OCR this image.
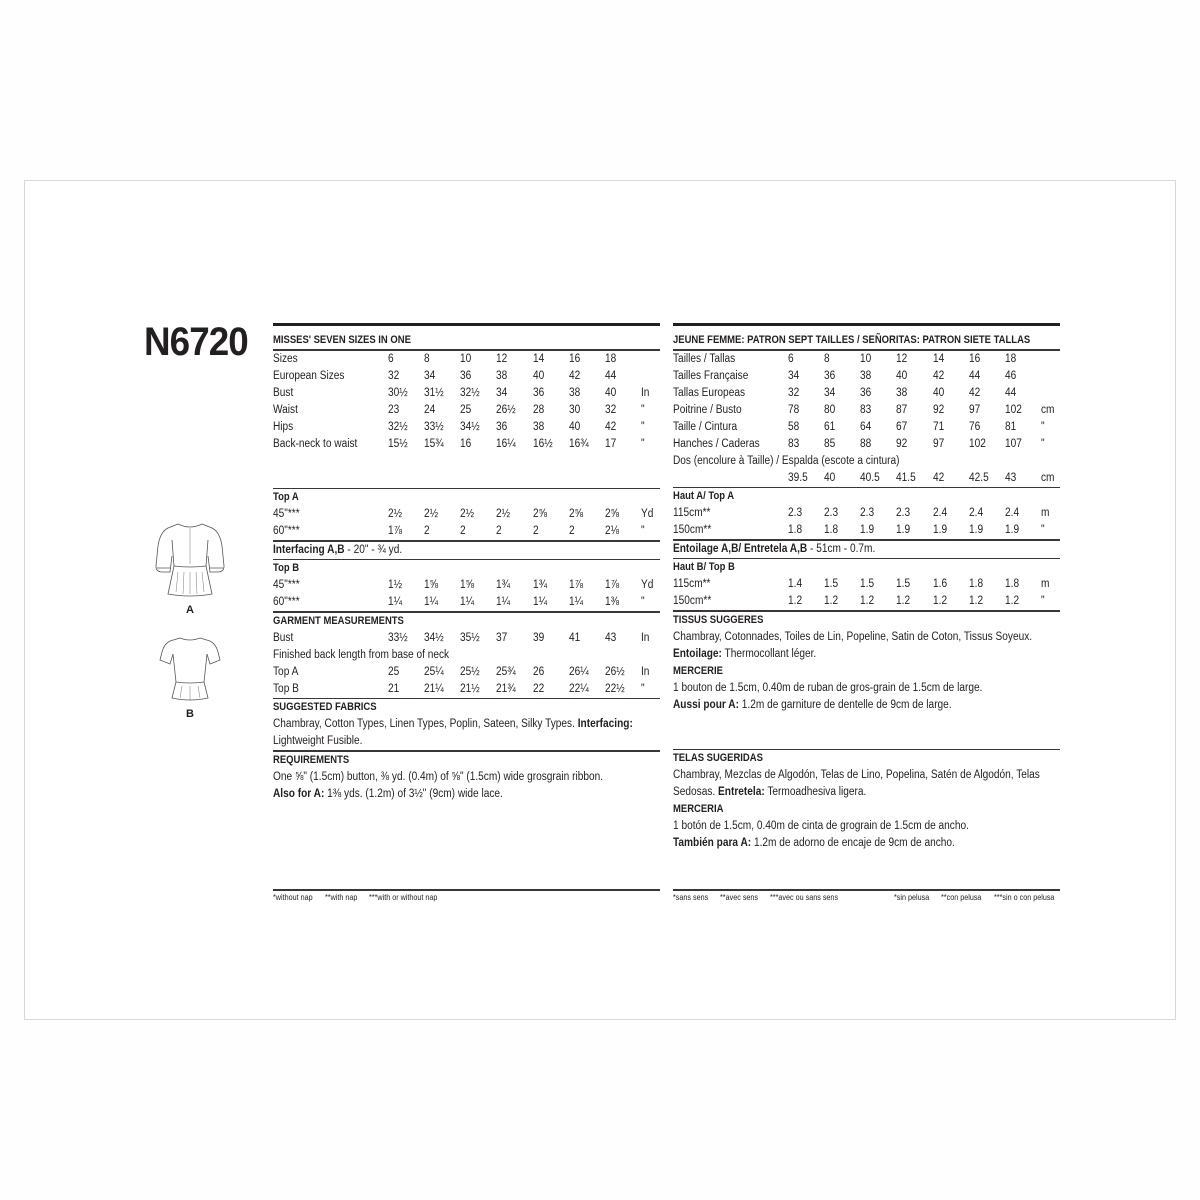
N6720
A
B
MISSES' SEVEN SIZES IN ONE
Sizes	6	8	10	12	14	16	18
European Sizes	32	34	36	38	40	42	44
Bust	30½	31½	32½	34	36	38	40	In
Waist	23	24	25	26½	28	30	32	"
Hips	32½	33½	34½	36	38	40	42	"
Back-neck to waist	15½	15¾	16	16¼	16½	16¾	17	"
Top A
45"***	2½	2½	2½	2½	2⅝	2⅝	2⅝	Yd
60"***	1⅞	2	2	2	2	2	2⅛	"
Interfacing A,B - 20" - ¾ yd.
Top B
45"***	1½	1⅝	1⅝	1¾	1¾	1⅞	1⅞	Yd
60"***	1¼	1¼	1¼	1¼	1¼	1¼	1⅜	"
GARMENT MEASUREMENTS
Bust	33½	34½	35½	37	39	41	43	In
Finished back length from base of neck
Top A	25	25¼	25½	25¾	26	26¼	26½	In
Top B	21	21¼	21½	21¾	22	22¼	22½	"
SUGGESTED FABRICS
Chambray, Cotton Types, Linen Types, Poplin, Sateen, Silky Types. Interfacing:
Lightweight Fusible.
REQUIREMENTS
One ⅝" (1.5cm) button, ⅜ yd. (0.4m) of ⅝" (1.5cm) wide grosgrain ribbon.
Also for A: 1⅜ yds. (1.2m) of 3½" (9cm) wide lace.
JEUNE FEMME: PATRON SEPT TAILLES / SEÑORITAS: PATRON SIETE TALLAS
Tailles / Tallas	6	8	10	12	14	16	18
Tailles Française	34	36	38	40	42	44	46
Tallas Europeas	32	34	36	38	40	42	44
Poitrine / Busto	78	80	83	87	92	97	102	cm
Taille / Cintura	58	61	64	67	71	76	81	"
Hanches / Caderas	83	85	88	92	97	102	107	"
Dos (encolure à Taille) / Espalda (escote a cintura)
39.5	40	40.5	41.5	42	42.5	43	cm
Haut A/ Top A
115cm**	2.3	2.3	2.3	2.3	2.4	2.4	2.4	m
150cm**	1.8	1.8	1.9	1.9	1.9	1.9	1.9	"
Entoilage A,B/ Entretela A,B - 51cm - 0.7m.
Haut B/ Top B
115cm**	1.4	1.5	1.5	1.5	1.6	1.8	1.8	m
150cm**	1.2	1.2	1.2	1.2	1.2	1.2	1.2	"
TISSUS SUGGERES
Chambray, Cotonnades, Toiles de Lin, Popeline, Satin de Coton, Tissus Soyeux.
Entoilage: Thermocollant léger.
MERCERIE
1 bouton de 1.5cm, 0.40m de ruban de gros-grain de 1.5cm de large.
Aussi pour A: 1.2m de garniture de dentelle de 9cm de large.
TELAS SUGERIDAS
Chambray, Mezclas de Algodón, Telas de Lino, Popelina, Satén de Algodón, Telas Sedosas. Entretela: Termoadhesiva ligera.
MERCERIA
1 botón de 1.5cm, 0.40m de cinta de grograin de 1.5cm de ancho.
También para A: 1.2m de adorno de encaje de 9cm de ancho.
*without nap **with nap ***with or without nap	*sans sens **avec sens ***avec ou sans sens	*sin pelusa **con pelusa ***sin o con pelusa
